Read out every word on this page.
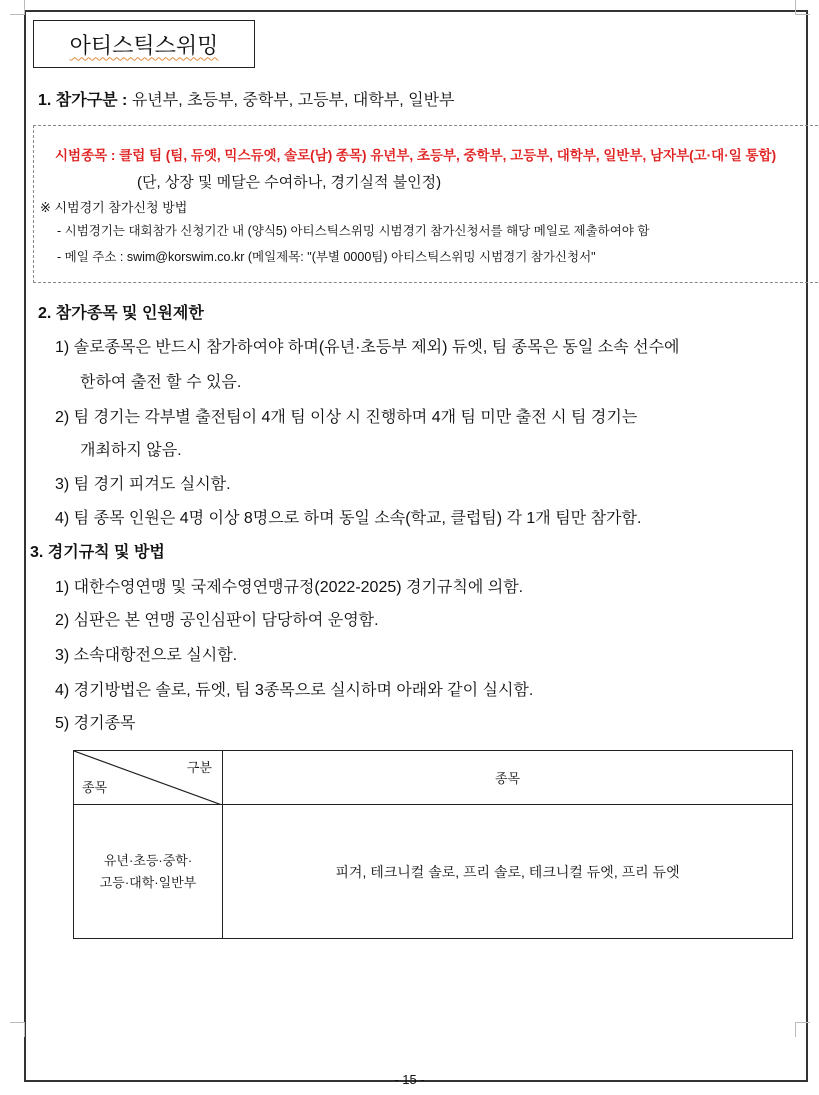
아티스틱스위밍
1. 참가구분 : 유년부, 초등부, 중학부, 고등부, 대학부, 일반부
시범종목 : 클럽 팀 (팀, 듀엣, 믹스듀엣, 솔로(남) 종목) 유년부, 초등부, 중학부, 고등부, 대학부, 일반부, 남자부(고·대·일 통합)
(단, 상장 및 메달은 수여하나, 경기실적 불인정)
※ 시범경기 참가신청 방법
- 시범경기는 대회참가 신청기간 내 (양식5) 아티스틱스위밍 시범경기 참가신청서를 해당 메일로 제출하여야 함
- 메일 주소 : swim@korswim.co.kr (메일제목: "(부별 0000팀) 아티스틱스위밍 시범경기 참가신청서"
2. 참가종목 및 인원제한
1) 솔로종목은 반드시 참가하여야 하며(유년·초등부 제외) 듀엣, 팀 종목은 동일 소속 선수에
한하여 출전 할 수 있음.
2) 팀 경기는 각부별 출전팀이 4개 팀 이상 시 진행하며 4개 팀 미만 출전 시 팀 경기는
개최하지 않음.
3) 팀 경기 피겨도 실시함.
4) 팀 종목 인원은 4명 이상 8명으로 하며 동일 소속(학교, 클럽팀) 각 1개 팀만 참가함.
3. 경기규칙 및 방법
1) 대한수영연맹 및 국제수영연맹규정(2022-2025) 경기규칙에 의함.
2) 심판은 본 연맹 공인심판이 담당하여 운영함.
3) 소속대항전으로 실시함.
4) 경기방법은 솔로, 듀엣, 팀 3종목으로 실시하며 아래와 같이 실시함.
5) 경기종목
구분
종목	종목

유년·초등·중학·
고등·대학·일반부	피겨, 테크니컬 솔로, 프리 솔로, 테크니컬 듀엣, 프리 듀엣
- 15 -
